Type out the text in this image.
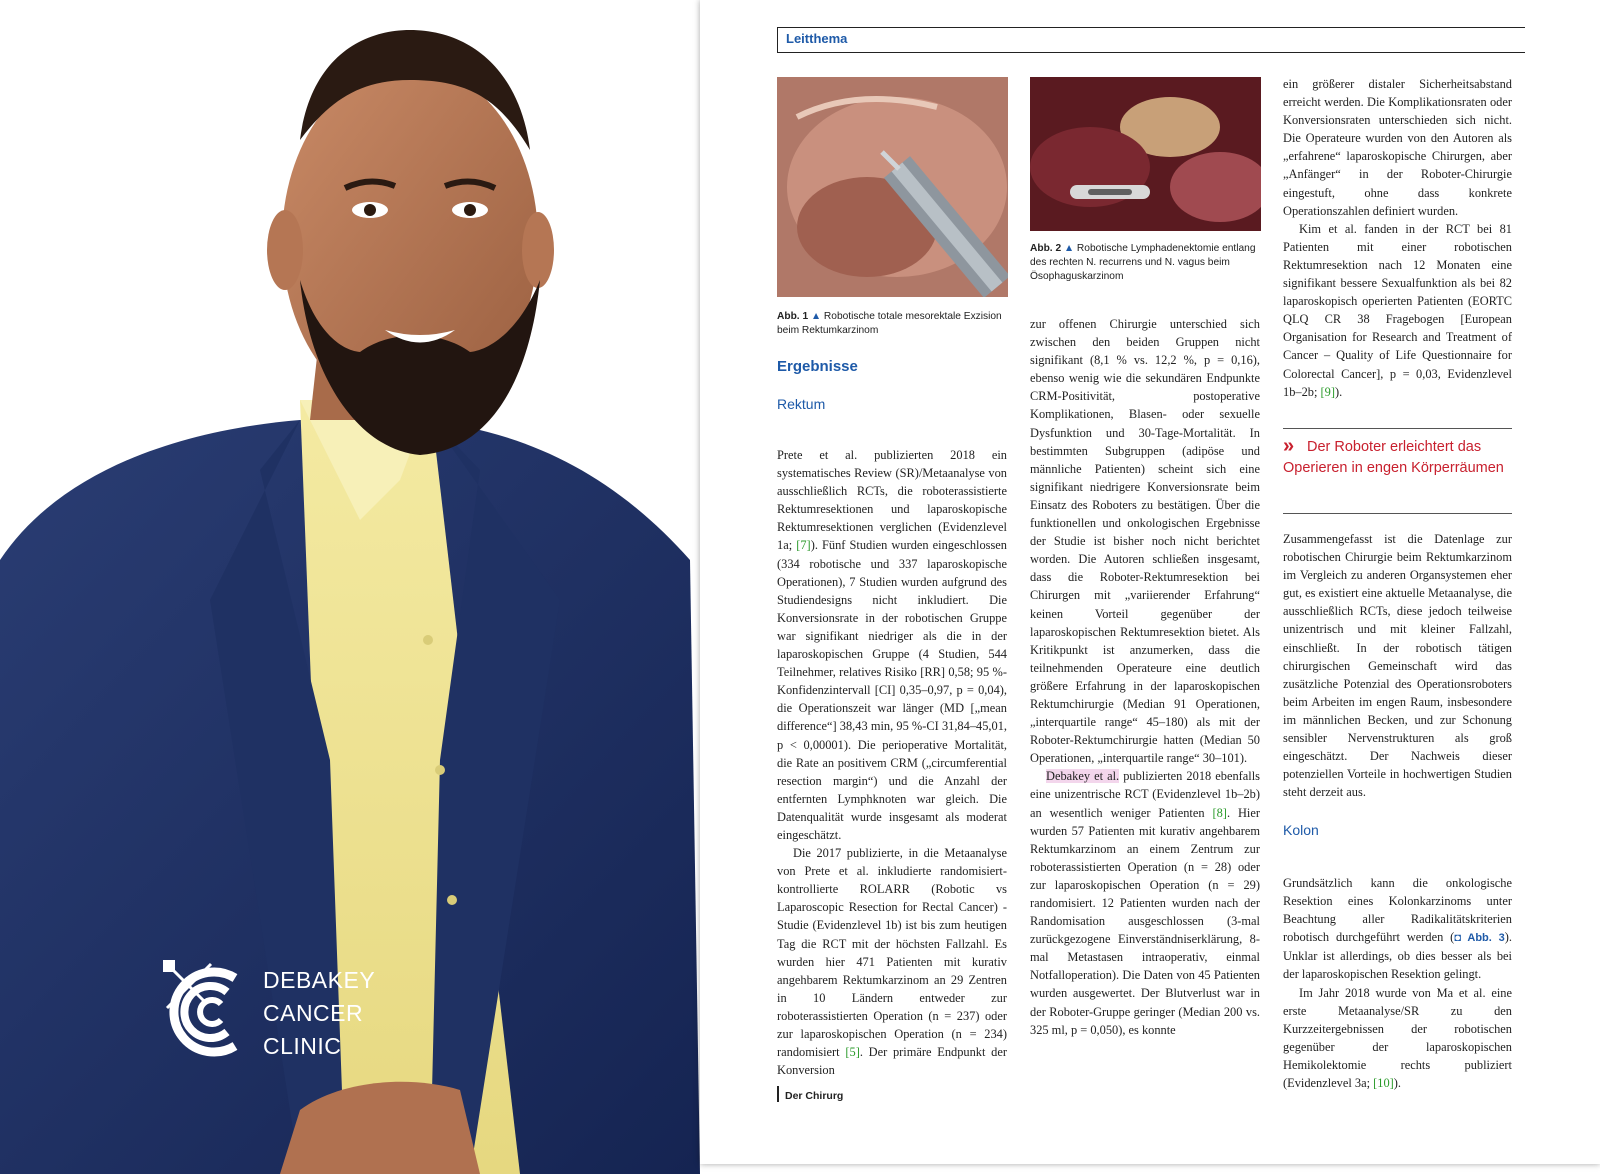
DEBAKEY
CANCER
CLINIC
Leitthema
Abb. 1 ▲ Robotische totale mesorektale Exzision beim Rektumkarzinom
Abb. 2 ▲ Robotische Lymphadenektomie entlang des rechten N. recurrens und N. vagus beim Ösophaguskarzinom
Ergebnisse
Rektum

Prete et al. publizierten 2018 ein systematisches Review (SR)/Metaanalyse von ausschließlich RCTs, die roboterassistierte Rektumresektionen und laparoskopische Rektumresektionen verglichen (Evidenzlevel 1a; [7]). Fünf Studien wurden eingeschlossen (334 robotische und 337 laparoskopische Operationen), 7 Studien wurden aufgrund des Studiendesigns nicht inkludiert. Die Konversionsrate in der robotischen Gruppe war signifikant niedriger als die in der laparoskopischen Gruppe (4 Studien, 544 Teilnehmer, relatives Risiko [RR] 0,58; 95 %-Konfidenzintervall [CI] 0,35–0,97, p = 0,04), die Operationszeit war länger (MD [„mean difference“] 38,43 min, 95 %-CI 31,84–45,01, p < 0,00001). Die perioperative Mortalität, die Rate an positivem CRM („circumferential resection margin“) und die Anzahl der entfernten Lymphknoten war gleich. Die Datenqualität wurde insgesamt als moderat eingeschätzt.

Die 2017 publizierte, in die Metaanalyse von Prete et al. inkludierte randomisiert-kontrollierte ROLARR (Robotic vs Laparoscopic Resection for Rectal Cancer) -Studie (Evidenzlevel 1b) ist bis zum heutigen Tag die RCT mit der höchsten Fallzahl. Es wurden hier 471 Patienten mit kurativ angehbarem Rektumkarzinom an 29 Zentren in 10 Ländern entweder zur roboterassistierten Operation (n = 237) oder zur laparoskopischen Operation (n = 234) randomisiert [5]. Der primäre Endpunkt der Konversion

zur offenen Chirurgie unterschied sich zwischen den beiden Gruppen nicht signifikant (8,1 % vs. 12,2 %, p = 0,16), ebenso wenig wie die sekundären Endpunkte CRM-Positivität, postoperative Komplikationen, Blasen- oder sexuelle Dysfunktion und 30-Tage-Mortalität. In bestimmten Subgruppen (adipöse und männliche Patienten) scheint sich eine signifikant niedrigere Konversionsrate beim Einsatz des Roboters zu bestätigen. Über die funktionellen und onkologischen Ergebnisse der Studie ist bisher noch nicht berichtet worden. Die Autoren schließen insgesamt, dass die Roboter-Rektumresektion bei Chirurgen mit „variierender Erfahrung“ keinen Vorteil gegenüber der laparoskopischen Rektumresektion bietet. Als Kritikpunkt ist anzumerken, dass die teilnehmenden Operateure eine deutlich größere Erfahrung in der laparoskopischen Rektumchirurgie (Median 91 Operationen, „interquartile range“ 45–180) als mit der Roboter-Rektumchirurgie hatten (Median 50 Operationen, „interquartile range“ 30–101).

Debakey et al. publizierten 2018 ebenfalls eine unizentrische RCT (Evidenzlevel 1b–2b) an wesentlich weniger Patienten [8]. Hier wurden 57 Patienten mit kurativ angehbarem Rektumkarzinom an einem Zentrum zur roboterassistierten Operation (n = 28) oder zur laparoskopischen Operation (n = 29) randomisiert. 12 Patienten wurden nach der Randomisation ausgeschlossen (3-mal zurückgezogene Einverständniserklärung, 8-mal Metastasen intraoperativ, einmal Notfalloperation). Die Daten von 45 Patienten wurden ausgewertet. Der Blutverlust war in der Roboter-Gruppe geringer (Median 200 vs. 325 ml, p = 0,050), es konnte

ein größerer distaler Sicherheitsabstand erreicht werden. Die Komplikationsraten oder Konversionsraten unterschieden sich nicht. Die Operateure wurden von den Autoren als „erfahrene“ laparoskopische Chirurgen, aber „Anfänger“ in der Roboter-Chirurgie eingestuft, ohne dass konkrete Operationszahlen definiert wurden.

Kim et al. fanden in der RCT bei 81 Patienten mit einer robotischen Rektumresektion nach 12 Monaten eine signifikant bessere Sexualfunktion als bei 82 laparoskopisch operierten Patienten (EORTC QLQ CR 38 Fragebogen [European Organisation for Research and Treatment of Cancer – Quality of Life Questionnaire for Colorectal Cancer], p = 0,03, Evidenzlevel 1b–2b; [9]).

» Der Roboter erleichtert das Operieren in engen Körperräumen

Zusammengefasst ist die Datenlage zur robotischen Chirurgie beim Rektumkarzinom im Vergleich zu anderen Organsystemen eher gut, es existiert eine aktuelle Metaanalyse, die ausschließlich RCTs, diese jedoch teilweise unizentrisch und mit kleiner Fallzahl, einschließt. In der robotisch tätigen chirurgischen Gemeinschaft wird das zusätzliche Potenzial des Operationsroboters beim Arbeiten im engen Raum, insbesondere im männlichen Becken, und zur Schonung sensibler Nervenstrukturen als groß eingeschätzt. Der Nachweis dieser potenziellen Vorteile in hochwertigen Studien steht derzeit aus.

Kolon

Grundsätzlich kann die onkologische Resektion eines Kolonkarzinoms unter Beachtung aller Radikalitätskriterien robotisch durchgeführt werden (◘ Abb. 3). Unklar ist allerdings, ob dies besser als bei der laparoskopischen Resektion gelingt.

Im Jahr 2018 wurde von Ma et al. eine erste Metaanalyse/SR zu den Kurzzeitergebnissen der robotischen gegenüber der laparoskopischen Hemikolektomie rechts publiziert (Evidenzlevel 3a; [10]).

Der Chirurg
